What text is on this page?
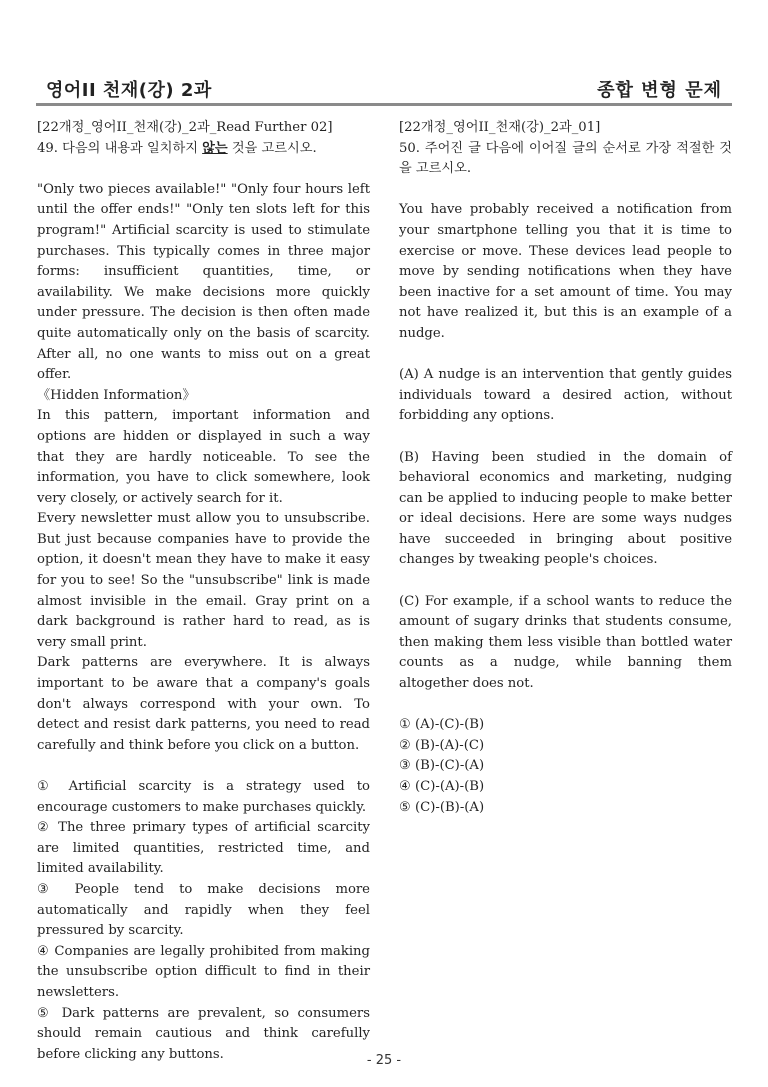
영어II 천재(강) 2과	종합 변형 문제

[22개정_영어II_천재(강)_2과_Read Further 02]

49. 다음의 내용과 일치하지 않는 것을 고르시오.

"Only two pieces available!" "Only four hours left until the offer ends!" "Only ten slots left for this program!" Artificial scarcity is used to stimulate purchases. This typically comes in three major forms: insufficient quantities, time, or availability. We make decisions more quickly under pressure. The decision is then often made quite automatically only on the basis of scarcity. After all, no one wants to miss out on a great offer.

《Hidden Information》

In this pattern, important information and options are hidden or displayed in such a way that they are hardly noticeable. To see the information, you have to click somewhere, look very closely, or actively search for it.

Every newsletter must allow you to unsubscribe. But just because companies have to provide the option, it doesn't mean they have to make it easy for you to see! So the "unsubscribe" link is made almost invisible in the email. Gray print on a dark background is rather hard to read, as is very small print.

Dark patterns are everywhere. It is always important to be aware that a company's goals don't always correspond with your own. To detect and resist dark patterns, you need to read carefully and think before you click on a button.

① Artificial scarcity is a strategy used to encourage customers to make purchases quickly.

② The three primary types of artificial scarcity are limited quantities, restricted time, and limited availability.

③ People tend to make decisions more automatically and rapidly when they feel pressured by scarcity.

④ Companies are legally prohibited from making the unsubscribe option difficult to find in their newsletters.

⑤ Dark patterns are prevalent, so consumers should remain cautious and think carefully before clicking any buttons.

[22개정_영어II_천재(강)_2과_01]

50. 주어진 글 다음에 이어질 글의 순서로 가장 적절한 것을 고르시오.

You have probably received a notification from your smartphone telling you that it is time to exercise or move. These devices lead people to move by sending notifications when they have been inactive for a set amount of time. You may not have realized it, but this is an example of a nudge.

(A) A nudge is an intervention that gently guides individuals toward a desired action, without forbidding any options.

(B) Having been studied in the domain of behavioral economics and marketing, nudging can be applied to inducing people to make better or ideal decisions. Here are some ways nudges have succeeded in bringing about positive changes by tweaking people's choices.

(C) For example, if a school wants to reduce the amount of sugary drinks that students consume, then making them less visible than bottled water counts as a nudge, while banning them altogether does not.

① (A)-(C)-(B)

② (B)-(A)-(C)

③ (B)-(C)-(A)

④ (C)-(A)-(B)

⑤ (C)-(B)-(A)

- 25 -
